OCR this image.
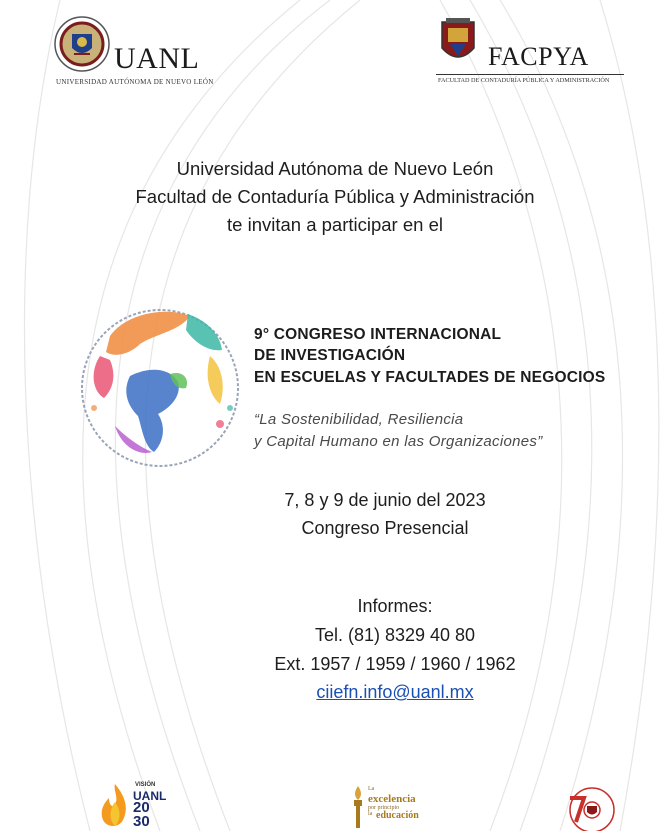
UANL
UNIVERSIDAD AUTÓNOMA DE NUEVO LEÓN
FACPYA
FACULTAD DE CONTADURÍA PÚBLICA Y ADMINISTRACIÓN
Universidad Autónoma de Nuevo León
Facultad de Contaduría Pública y Administración
te invitan a participar en el
9° CONGRESO INTERNACIONAL
DE INVESTIGACIÓN
EN ESCUELAS Y FACULTADES DE NEGOCIOS
“La Sostenibilidad, Resiliencia
y Capital Humano en las Organizaciones”
7, 8 y 9 de junio del 2023
Congreso Presencial
Informes:
Tel. (81) 8329 40 80
Ext. 1957 / 1959 / 1960 / 1962
ciiefn.info@uanl.mx
VISIÓN
UANL
20
30
La
excelencia
por principio
la educación
